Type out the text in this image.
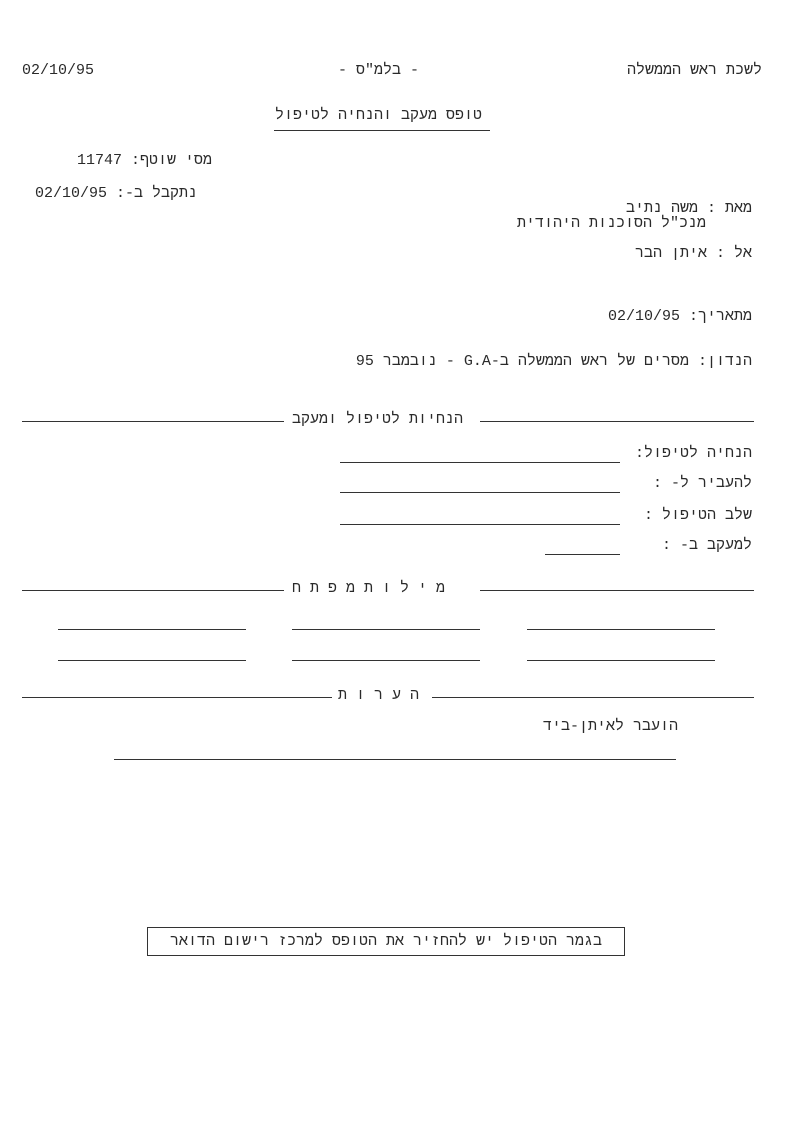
לשכת ראש הממשלה
- בלמ"ס -
02/10/95
טופס מעקב והנחיה לטיפול
11747 מסי שוטף:
02/10/95 נתקבל ב-:
משה נתיב מאת :
מנכ"ל הסוכנות היהודית
איתן הבר אל :
02/10/95 מתאריך:
מסרים של ראש הממשלה ב-G.A - נובמבר 95 הנדון:
הנחיות לטיפול ומעקב
הנחיה לטיפול:
להעביר ל- :
שלב הטיפול :
למעקב ב- :
מ י ל ו ת מ פ ת ח
ה ע ר ו ת
הועבר לאיתן-ביד
בגמר הטיפול יש להחזיר את הטופס למרכז רישום הדואר
